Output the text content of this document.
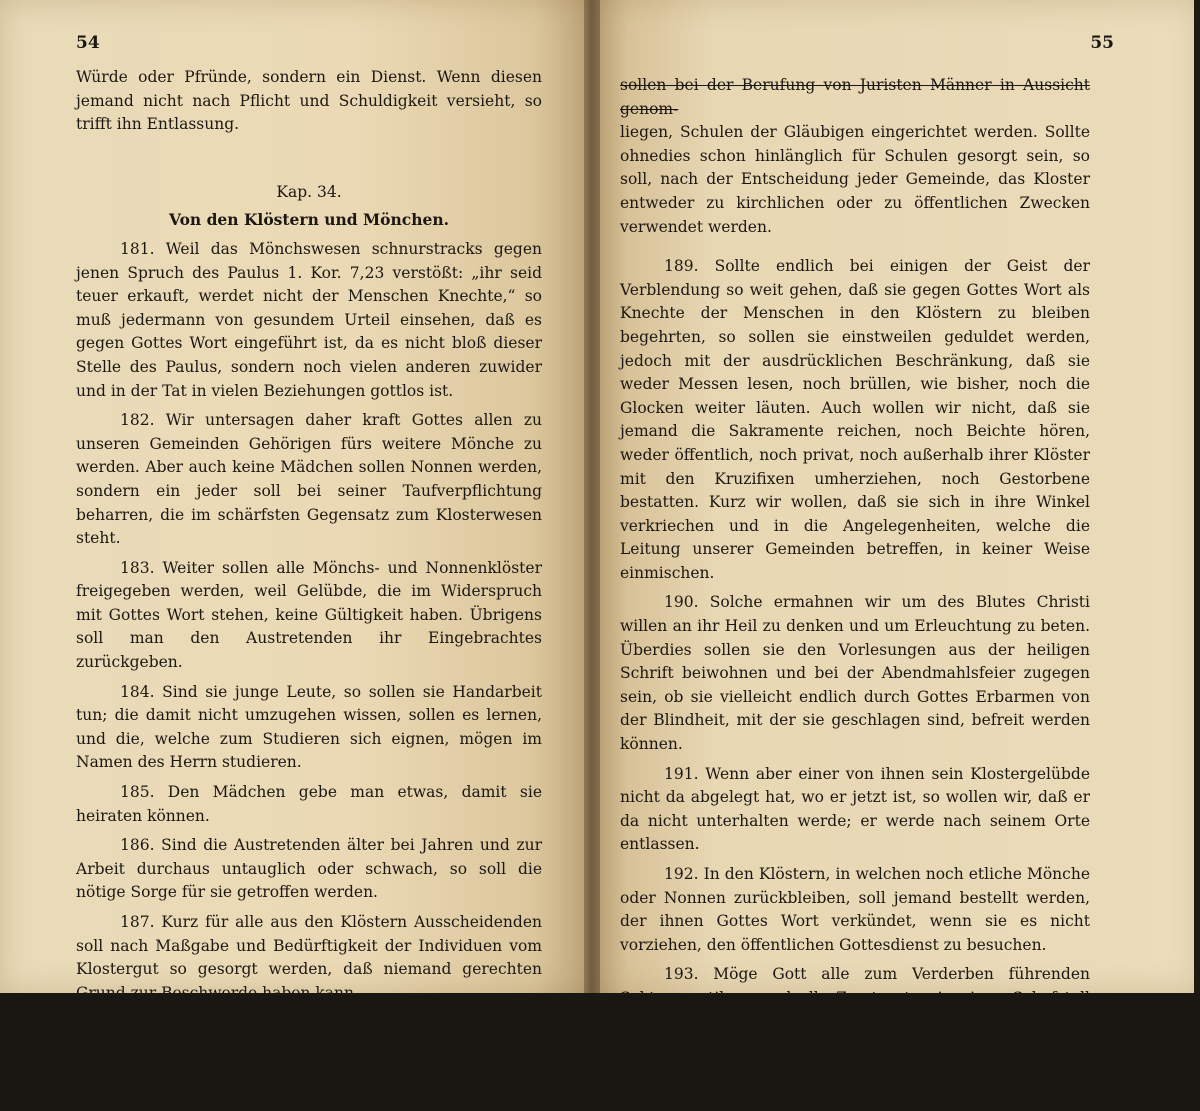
54

Würde oder Pfründe, sondern ein Dienst. Wenn diesen jemand nicht nach Pflicht und Schuldigkeit versieht, so trifft ihn Entlassung.

Kap. 34.
Von den Klöstern und Mönchen.

181. Weil das Mönchswesen schnurstracks gegen jenen Spruch des Paulus 1. Kor. 7,23 verstößt: „ihr seid teuer erkauft, werdet nicht der Menschen Knechte,“ so muß jedermann von gesundem Urteil einsehen, daß es gegen Gottes Wort eingeführt ist, da es nicht bloß dieser Stelle des Paulus, sondern noch vielen anderen zuwider und in der Tat in vielen Beziehungen gottlos ist.

182. Wir untersagen daher kraft Gottes allen zu unseren Gemeinden Gehörigen fürs weitere Mönche zu werden. Aber auch keine Mädchen sollen Nonnen werden, sondern ein jeder soll bei seiner Taufverpflichtung beharren, die im schärfsten Gegensatz zum Klosterwesen steht.

183. Weiter sollen alle Mönchs- und Nonnenklöster freigegeben werden, weil Gelübde, die im Widerspruch mit Gottes Wort stehen, keine Gültigkeit haben. Übrigens soll man den Austretenden ihr Eingebrachtes zurückgeben.

184. Sind sie junge Leute, so sollen sie Handarbeit tun; die damit nicht umzugehen wissen, sollen es lernen, und die, welche zum Studieren sich eignen, mögen im Namen des Herrn studieren.

185. Den Mädchen gebe man etwas, damit sie heiraten können.

186. Sind die Austretenden älter bei Jahren und zur Arbeit durchaus untauglich oder schwach, so soll die nötige Sorge für sie getroffen werden.

187. Kurz für alle aus den Klöstern Ausscheidenden soll nach Maßgabe und Bedürftigkeit der Individuen vom Klostergut so gesorgt werden, daß niemand gerechten Grund zur Beschwerde haben kann.

188. Sowie aber ein Kloster gänzlich geräumt ist, sollen in demselben, besonders zu Marburg, wenn sie nicht frei im Felde

55

sollen bei der Berufung von Juristen Männer in Aussicht genom-

liegen, Schulen der Gläubigen eingerichtet werden. Sollte ohnedies schon hinlänglich für Schulen gesorgt sein, so soll, nach der Entscheidung jeder Gemeinde, das Kloster entweder zu kirchlichen oder zu öffentlichen Zwecken verwendet werden.

189. Sollte endlich bei einigen der Geist der Verblendung so weit gehen, daß sie gegen Gottes Wort als Knechte der Menschen in den Klöstern zu bleiben begehrten, so sollen sie einstweilen geduldet werden, jedoch mit der ausdrücklichen Beschränkung, daß sie weder Messen lesen, noch brüllen, wie bisher, noch die Glocken weiter läuten. Auch wollen wir nicht, daß sie jemand die Sakramente reichen, noch Beichte hören, weder öffentlich, noch privat, noch außerhalb ihrer Klöster mit den Kruzifixen umherziehen, noch Gestorbene bestatten. Kurz wir wollen, daß sie sich in ihre Winkel verkriechen und in die Angelegenheiten, welche die Leitung unserer Gemeinden betreffen, in keiner Weise einmischen.

190. Solche ermahnen wir um des Blutes Christi willen an ihr Heil zu denken und um Erleuchtung zu beten. Überdies sollen sie den Vorlesungen aus der heiligen Schrift beiwohnen und bei der Abendmahlsfeier zugegen sein, ob sie vielleicht endlich durch Gottes Erbarmen von der Blindheit, mit der sie geschlagen sind, befreit werden können.

191. Wenn aber einer von ihnen sein Klostergelübde nicht da abgelegt hat, wo er jetzt ist, so wollen wir, daß er da nicht unterhalten werde; er werde nach seinem Orte entlassen.

192. In den Klöstern, in welchen noch etliche Mönche oder Nonnen zurückbleiben, soll jemand bestellt werden, der ihnen Gottes Wort verkündet, wenn sie es nicht vorziehen, den öffentlichen Gottesdienst zu besuchen.

193. Möge Gott alle zum Verderben führenden Sekten vertilgen und alle Zerstreuten in einen Schafstall unter einen Hirten und ein Oberhaupt, Christus, zurückführen.

194. Wer aber aufs neue eine Sekte bei den Gläubigen in Aufnahme bringt, der sei verflucht.
